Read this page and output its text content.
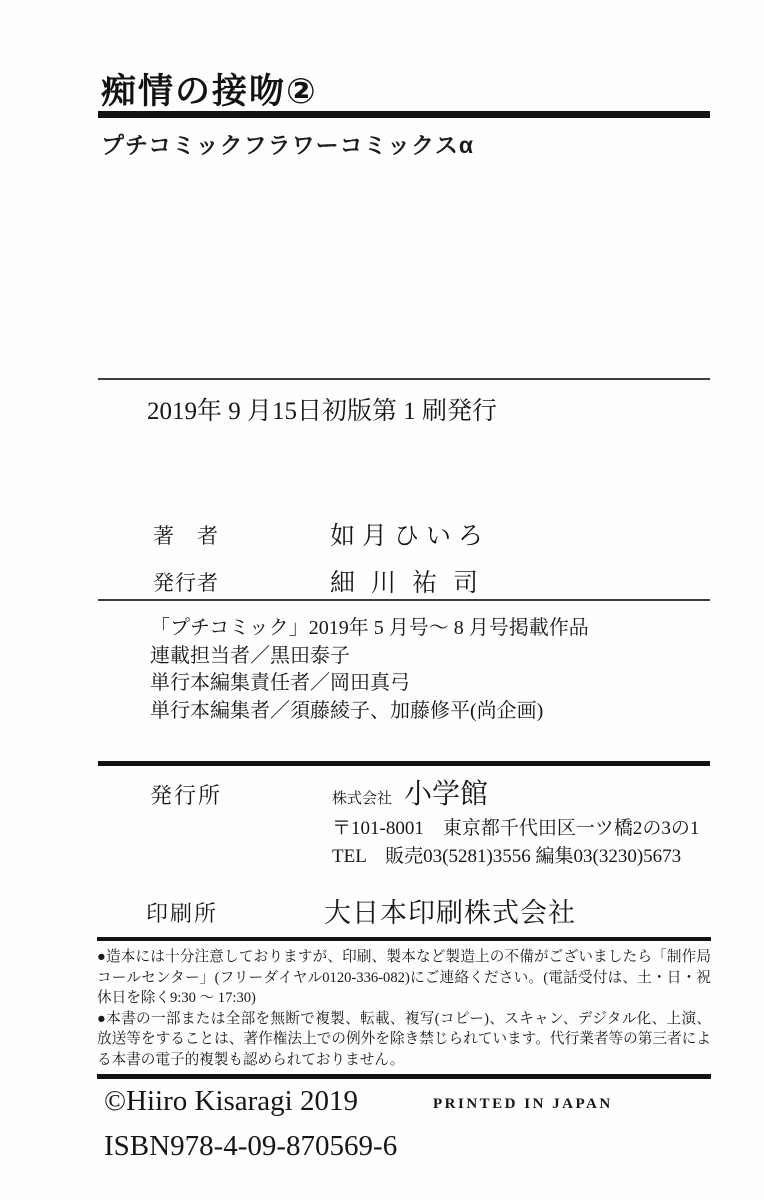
痴情の接吻②
プチコミックフラワーコミックスα
2019年 9 月15日初版第 1 刷発行
著　者	如月ひいろ
発行者	細川祐司
「プチコミック」2019年 5 月号～ 8 月号掲載作品
連載担当者／黒田泰子
単行本編集責任者／岡田真弓
単行本編集者／須藤綾子、加藤修平(尚企画)
発行所	株式会社 小学館
〒101-8001　東京都千代田区一ツ橋2の3の1
TEL　販売03(5281)3556 編集03(3230)5673
印刷所	大日本印刷株式会社

●造本には十分注意しておりますが、印刷、製本など製造上の不備がございましたら「制作局コールセンター」(フリーダイヤル0120-336-082)にご連絡ください。(電話受付は、土・日・祝休日を除く9:30 ～ 17:30)

●本書の一部または全部を無断で複製、転載、複写(コピー)、スキャン、デジタル化、上演、放送等をすることは、著作権法上での例外を除き禁じられています。代行業者等の第三者による本書の電子的複製も認められておりません。

©Hiiro Kisaragi 2019	PRINTED IN JAPAN
ISBN978-4-09-870569-6
